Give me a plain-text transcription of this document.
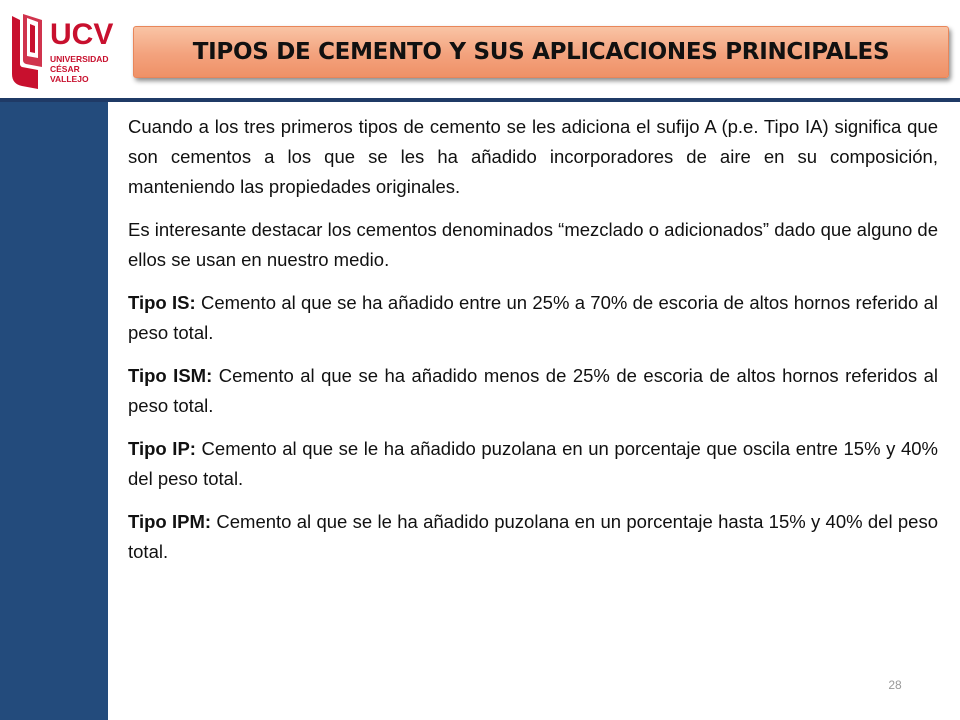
UCV
UNIVERSIDAD
CÉSAR VALLEJO
TIPOS DE CEMENTO Y SUS APLICACIONES PRINCIPALES

Cuando a los tres primeros tipos de cemento se les adiciona el sufijo A (p.e. Tipo IA) significa que son cementos a los que se les ha añadido incorporadores de aire en su composición, manteniendo las propiedades originales.

Es interesante destacar los cementos denominados “mezclado o adicionados” dado que alguno de ellos se usan en nuestro medio.

Tipo IS: Cemento al que se ha añadido entre un 25% a 70% de escoria de altos hornos referido al peso total.

Tipo ISM: Cemento al que se ha añadido menos de 25% de escoria de altos hornos referidos al peso total.

Tipo IP: Cemento al que se le ha añadido puzolana en un porcentaje que oscila entre 15% y 40% del peso total.

Tipo IPM: Cemento al que se le ha añadido puzolana en un porcentaje hasta 15% y 40% del peso total.

28
